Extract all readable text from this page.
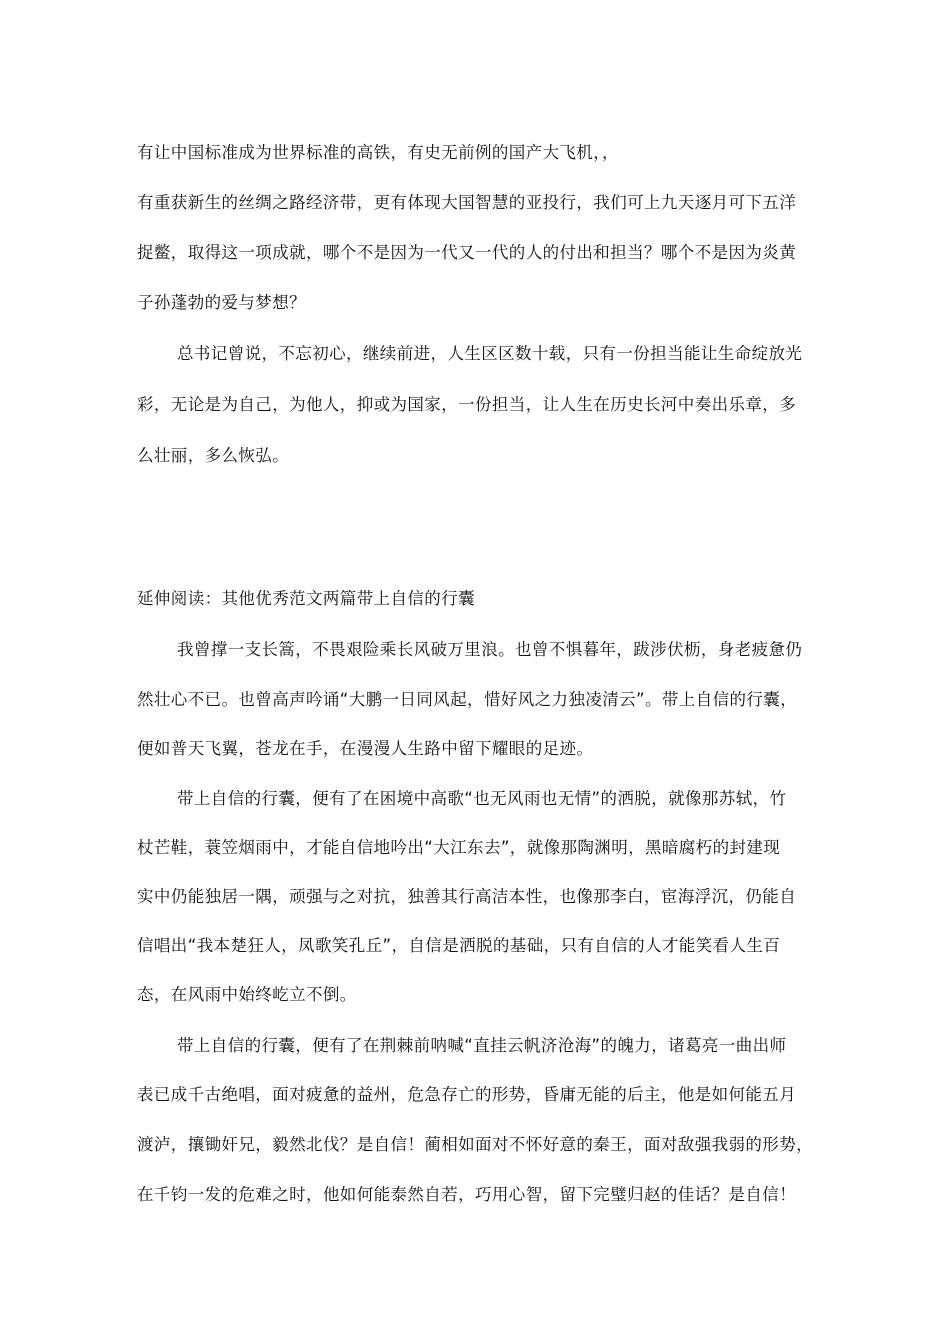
有让中国标准成为世界标准的高铁，有史无前例的国产大飞机，，
有重获新生的丝绸之路经济带，更有体现大国智慧的亚投行，我们可上九天逐月可下五洋
捉鳖，取得这一项成就，哪个不是因为一代又一代的人的付出和担当？哪个不是因为炎黄
子孙蓬勃的爱与梦想？
总书记曾说，不忘初心，继续前进，人生区区数十载，只有一份担当能让生命绽放光
彩，无论是为自己，为他人，抑或为国家，一份担当，让人生在历史长河中奏出乐章，多
么壮丽，多么恢弘。
延伸阅读：其他优秀范文两篇带上自信的行囊
我曾撑一支长篙，不畏艰险乘长风破万里浪。也曾不惧暮年，跋涉伏枥，身老疲惫仍
然壮心不已。也曾高声吟诵“大鹏一日同风起，惜好风之力独凌清云”。带上自信的行囊，
便如普天飞翼，苍龙在手，在漫漫人生路中留下耀眼的足迹。
带上自信的行囊，便有了在困境中高歌“也无风雨也无情”的洒脱，就像那苏轼，竹
杖芒鞋，蓑笠烟雨中，才能自信地吟出“大江东去”，就像那陶渊明，黑暗腐朽的封建现
实中仍能独居一隅，顽强与之对抗，独善其行高洁本性，也像那李白，宦海浮沉，仍能自
信唱出“我本楚狂人，凤歌笑孔丘”，自信是洒脱的基础，只有自信的人才能笑看人生百
态，在风雨中始终屹立不倒。
带上自信的行囊，便有了在荆棘前呐喊“直挂云帆济沧海”的魄力，诸葛亮一曲出师
表已成千古绝唱，面对疲惫的益州，危急存亡的形势，昏庸无能的后主，他是如何能五月
渡泸，攘锄奸兄，毅然北伐？是自信！蔺相如面对不怀好意的秦王，面对敌强我弱的形势，
在千钧一发的危难之时，他如何能泰然自若，巧用心智，留下完璧归赵的佳话？是自信！
